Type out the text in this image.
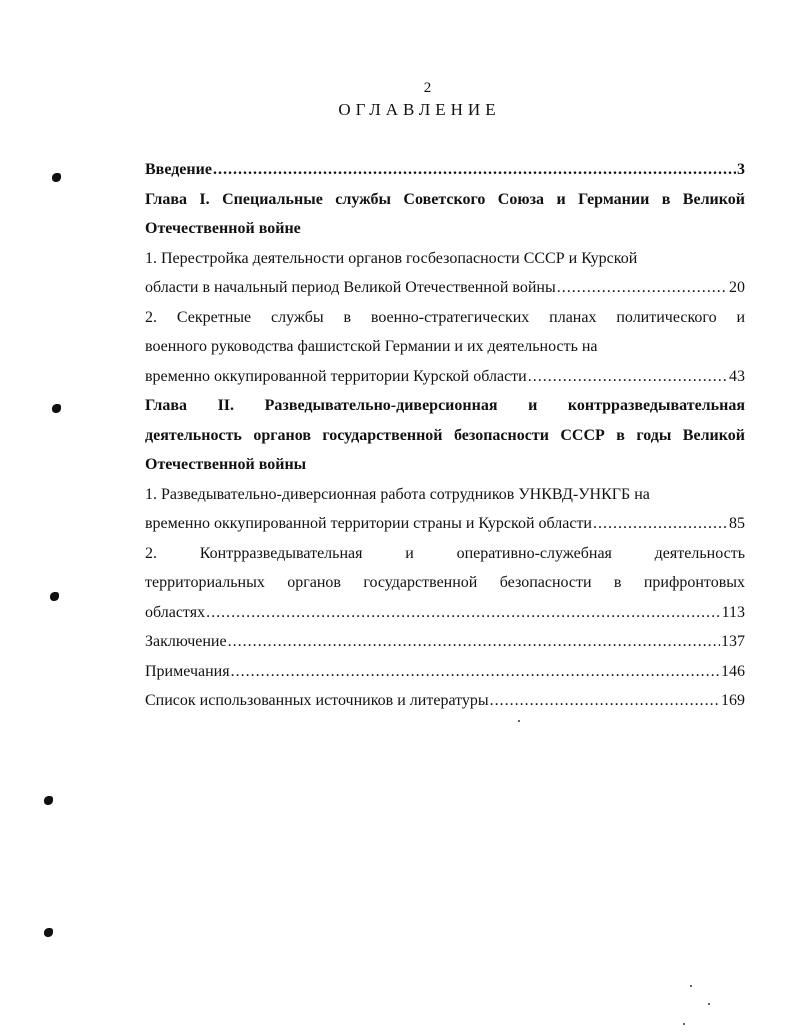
2
ОГЛАВЛЕНИЕ
Введение .....	3
Глава I. Специальные службы Советского Союза и Германии в Великой
Отечественной войне
1. Перестройка деятельности органов госбезопасности СССР и Курской
области в начальный период Великой Отечественной войны .....	20
2. Секретные службы в военно-стратегических планах политического и
военного руководства фашистской Германии и их деятельность на
временно оккупированной территории Курской области .....	43
Глава II. Разведывательно-диверсионная и контрразведывательная
деятельность органов государственной безопасности СССР в годы Великой
Отечественной войны
1. Разведывательно-диверсионная работа сотрудников УНКВД-УНКГБ на
временно оккупированной территории страны и Курской области .....	85
2. Контрразведывательная и оперативно-служебная деятельность
территориальных органов государственной безопасности в прифронтовых
областях .....	113
Заключение .....	137
Примечания .....	146
Список использованных источников и литературы .....	169
